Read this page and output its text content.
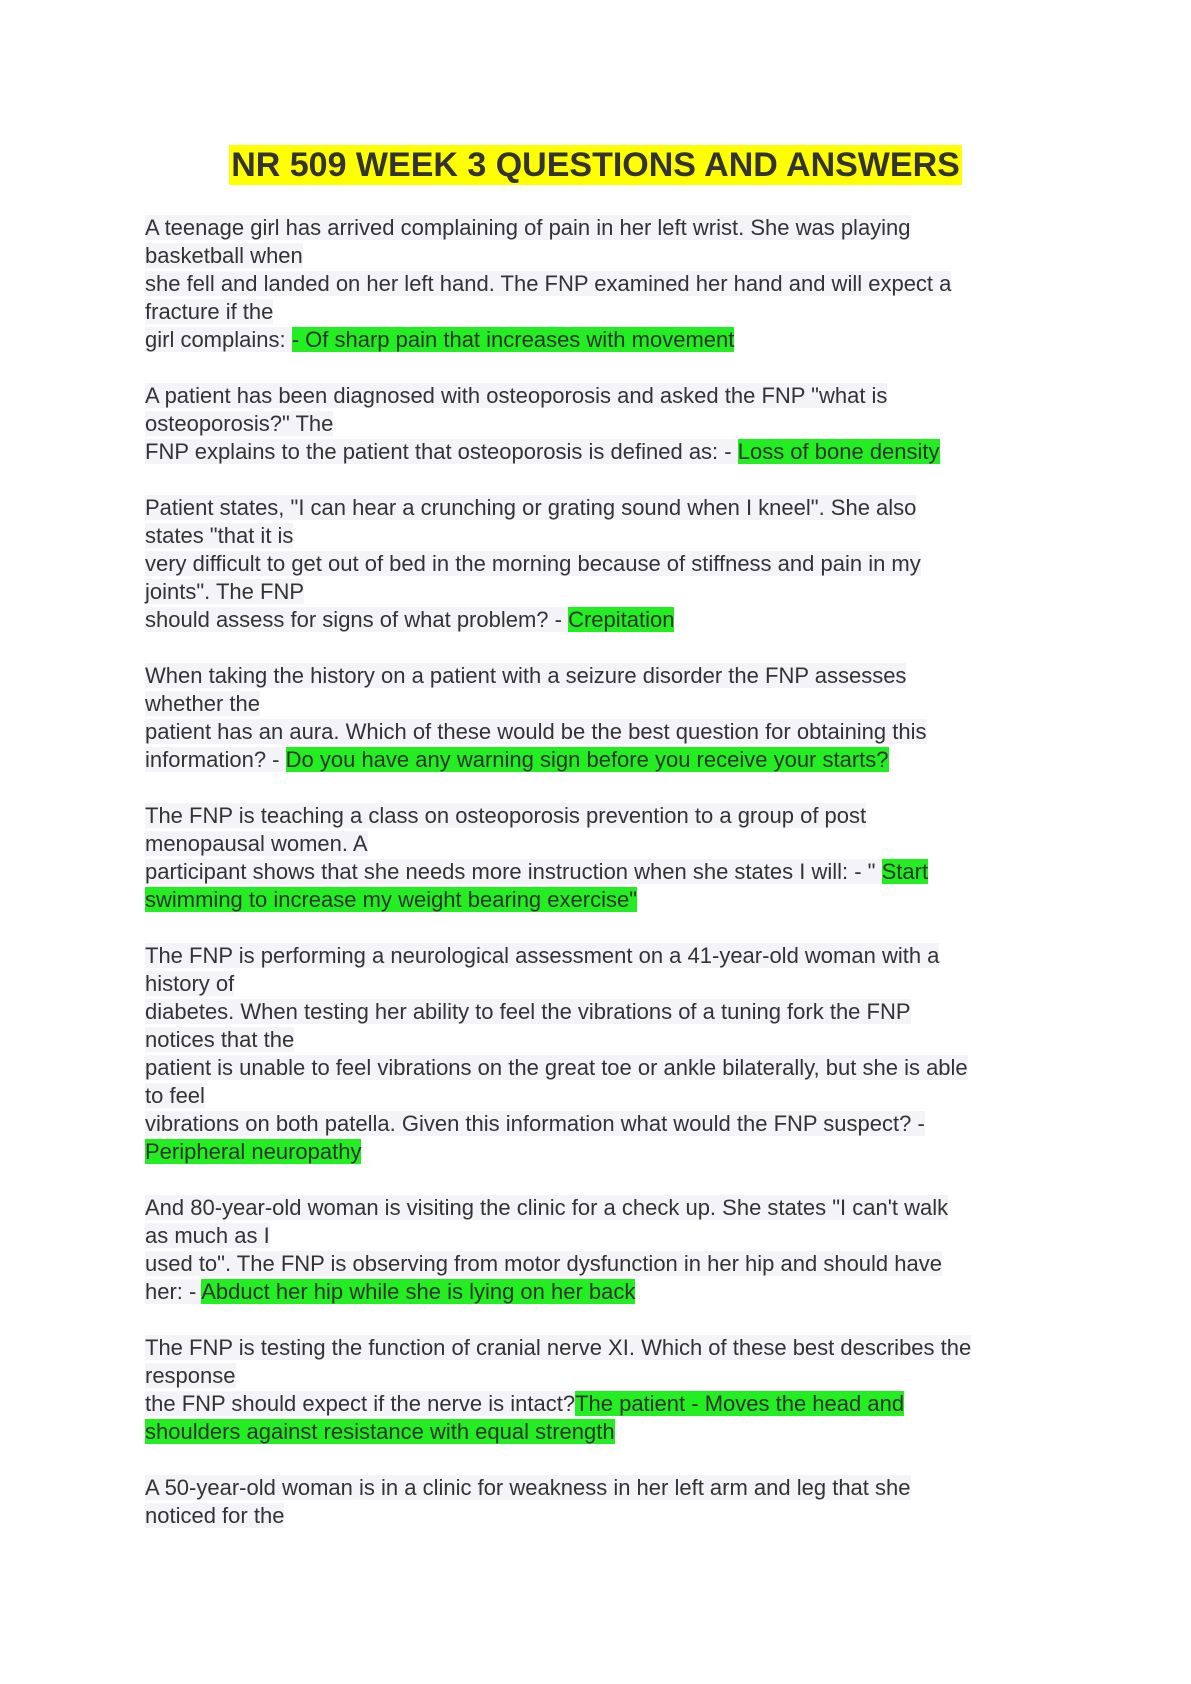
NR 509 WEEK 3 QUESTIONS AND ANSWERS
A teenage girl has arrived complaining of pain in her left wrist. She was playing
basketball when
she fell and landed on her left hand. The FNP examined her hand and will expect a
fracture if the
girl complains: - Of sharp pain that increases with movement
A patient has been diagnosed with osteoporosis and asked the FNP "what is
osteoporosis?" The
FNP explains to the patient that osteoporosis is defined as: - Loss of bone density
Patient states, "I can hear a crunching or grating sound when I kneel". She also
states "that it is
very difficult to get out of bed in the morning because of stiffness and pain in my
joints". The FNP
should assess for signs of what problem? - Crepitation
When taking the history on a patient with a seizure disorder the FNP assesses
whether the
patient has an aura. Which of these would be the best question for obtaining this
information? - Do you have any warning sign before you receive your starts?
The FNP is teaching a class on osteoporosis prevention to a group of post
menopausal women. A
participant shows that she needs more instruction when she states I will: - " Start
swimming to increase my weight bearing exercise"
The FNP is performing a neurological assessment on a 41-year-old woman with a
history of
diabetes. When testing her ability to feel the vibrations of a tuning fork the FNP
notices that the
patient is unable to feel vibrations on the great toe or ankle bilaterally, but she is able
to feel
vibrations on both patella. Given this information what would the FNP suspect? -
Peripheral neuropathy
And 80-year-old woman is visiting the clinic for a check up. She states "I can't walk
as much as I
used to". The FNP is observing from motor dysfunction in her hip and should have
her: - Abduct her hip while she is lying on her back
The FNP is testing the function of cranial nerve XI. Which of these best describes the
response
the FNP should expect if the nerve is intact?The patient - Moves the head and
shoulders against resistance with equal strength
A 50-year-old woman is in a clinic for weakness in her left arm and leg that she
noticed for the
